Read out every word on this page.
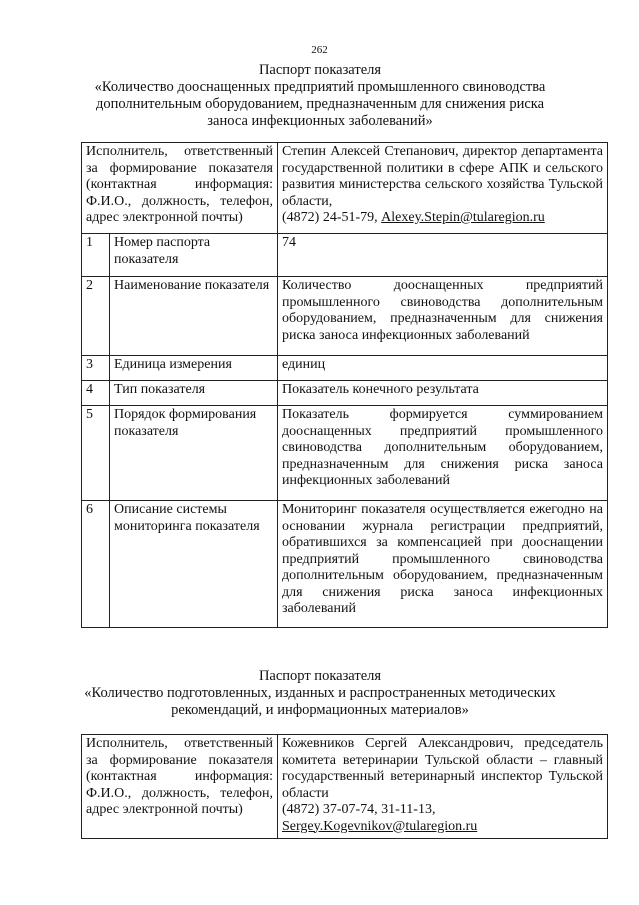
262
Паспорт показателя
«Количество дооснащенных предприятий промышленного свиноводства
дополнительным оборудованием, предназначенным для снижения риска
заноса инфекционных заболеваний»
Исполнитель, ответственный за формирование показателя (контактная информация: Ф.И.О., должность, телефон, адрес электронной почты)		Степин Алексей Степанович, директор департамента государственной политики в сфере АПК и сельского развития министерства сельского хозяйства Тульской области,
(4872) 24-51-79, Alexey.Stepin@tularegion.ru
1	Номер паспорта показателя	74
2	Наименование показателя	Количество дооснащенных предприятий промышленного свиноводства дополнительным оборудованием, предназначенным для снижения риска заноса инфекционных заболеваний
3	Единица измерения	единиц
4	Тип показателя	Показатель конечного результата
5	Порядок формирования показателя	Показатель формируется суммированием дооснащенных предприятий промышленного свиноводства дополнительным оборудованием, предназначенным для снижения риска заноса инфекционных заболеваний
6	Описание системы мониторинга показателя	Мониторинг показателя осуществляется ежегодно на основании журнала регистрации предприятий, обратившихся за компенсацией при дооснащении предприятий промышленного свиноводства дополнительным оборудованием, предназначенным для снижения риска заноса инфекционных заболеваний
Паспорт показателя
«Количество подготовленных, изданных и распространенных методических
рекомендаций, и информационных материалов»
Исполнитель, ответственный за формирование показателя (контактная информация: Ф.И.О., должность, телефон, адрес электронной почты)	Кожевников Сергей Александрович, председатель комитета ветеринарии Тульской области – главный государственный ветеринарный инспектор Тульской области
(4872) 37-07-74, 31-11-13,
Sergey.Kogevnikov@tularegion.ru
